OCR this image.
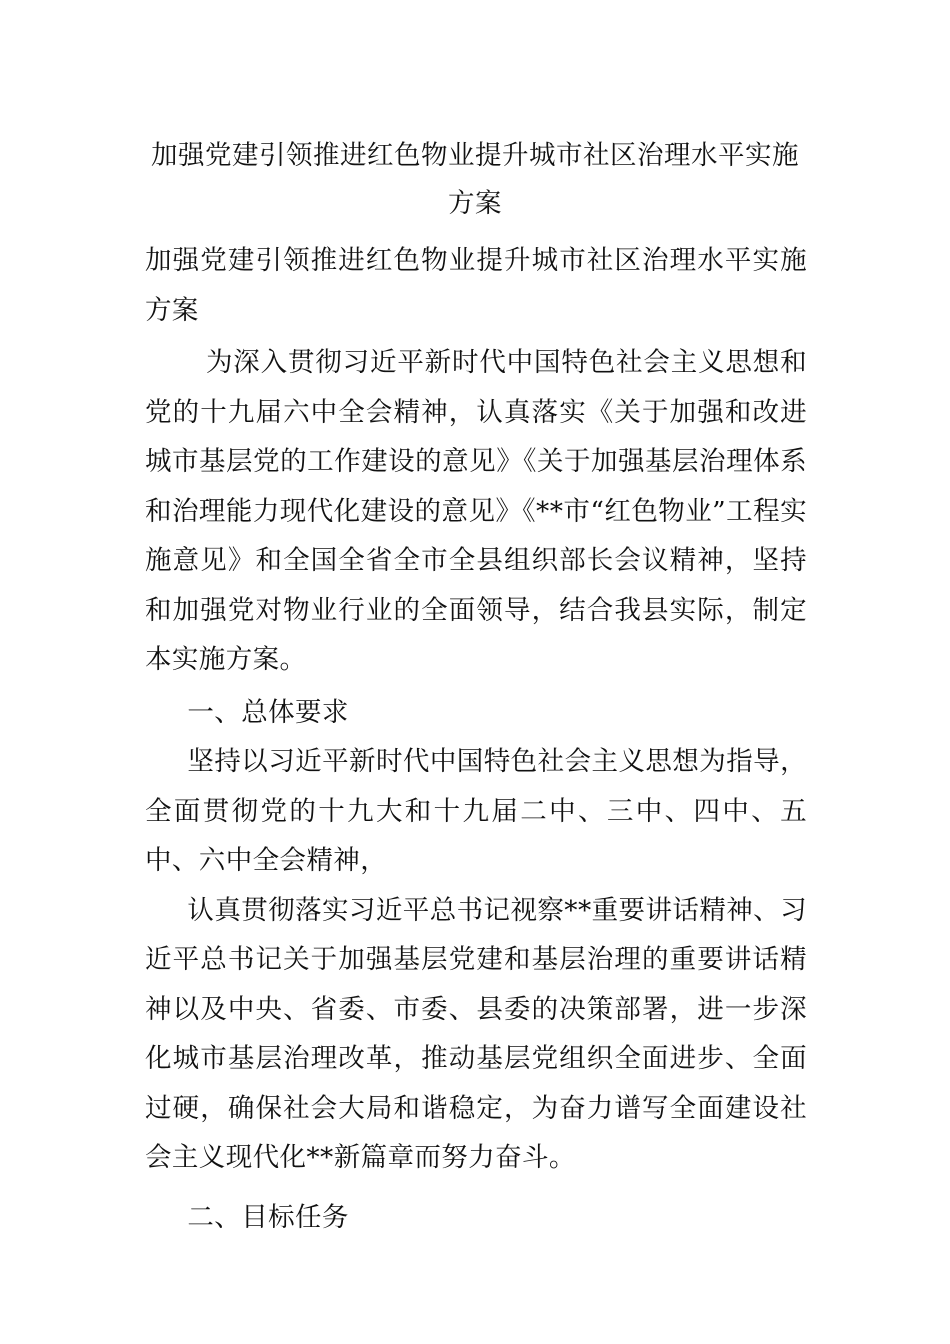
加强党建引领推进红色物业提升城市社区治理水平实施方案

加强党建引领推进红色物业提升城市社区治理水平实施方案

为深入贯彻习近平新时代中国特色社会主义思想和党的十九届六中全会精神，认真落实《关于加强和改进城市基层党的工作建设的意见》《关于加强基层治理体系和治理能力现代化建设的意见》《**市“红色物业”工程实施意见》和全国全省全市全县组织部长会议精神，坚持和加强党对物业行业的全面领导，结合我县实际，制定本实施方案。

一、总体要求

坚持以习近平新时代中国特色社会主义思想为指导，全面贯彻党的十九大和十九届二中、三中、四中、五中、六中全会精神，

认真贯彻落实习近平总书记视察**重要讲话精神、习近平总书记关于加强基层党建和基层治理的重要讲话精神以及中央、省委、市委、县委的决策部署，进一步深化城市基层治理改革，推动基层党组织全面进步、全面过硬，确保社会大局和谐稳定，为奋力谱写全面建设社会主义现代化**新篇章而努力奋斗。

二、目标任务
